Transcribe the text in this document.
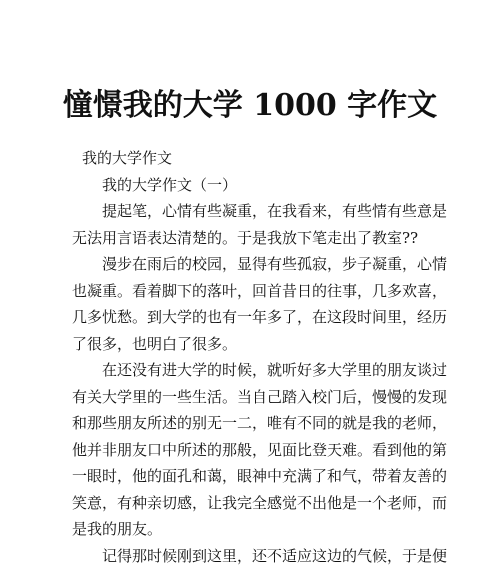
憧憬我的大学 1000 字作文
我的大学作文
我的大学作文（一）
提起笔，心情有些凝重，在我看来，有些情有些意是
无法用言语表达清楚的。于是我放下笔走出了教室??
漫步在雨后的校园，显得有些孤寂，步子凝重，心情
也凝重。看着脚下的落叶，回首昔日的往事，几多欢喜，
几多忧愁。到大学的也有一年多了，在这段时间里，经历
了很多，也明白了很多。
在还没有进大学的时候，就听好多大学里的朋友谈过
有关大学里的一些生活。当自己踏入校门后，慢慢的发现
和那些朋友所述的别无一二，唯有不同的就是我的老师，
他并非朋友口中所述的那般，见面比登天难。看到他的第
一眼时，他的面孔和蔼，眼神中充满了和气，带着友善的
笑意，有种亲切感，让我完全感觉不出他是一个老师，而
是我的朋友。
记得那时候刚到这里，还不适应这边的气候，于是便
